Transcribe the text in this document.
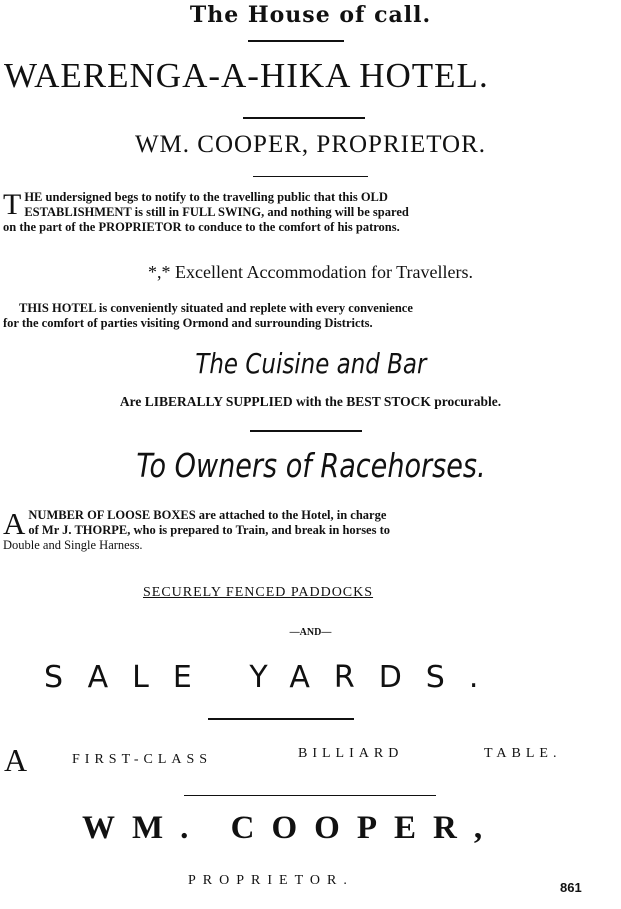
The House of call.
WAERENGA-A-HIKA HOTEL.
WM. COOPER, PROPRIETOR.
T HE undersigned begs to notify to the travelling public that this OLD
ESTABLISHMENT is still in FULL SWING, and nothing will be spared
on the part of the PROPRIETOR to conduce to the comfort of his patrons.
*,* Excellent Accommodation for Travellers.
THIS HOTEL is conveniently situated and replete with every convenience
for the comfort of parties visiting Ormond and surrounding Districts.
The Cuisine and Bar
Are LIBERALLY SUPPLIED with the BEST STOCK procurable.
To Owners of Racehorses.
A NUMBER OF LOOSE BOXES are attached to the Hotel, in charge
of Mr J. THORPE, who is prepared to Train, and break in horses to
Double and Single Harness.
SECURELY FENCED PADDOCKS
—AND—
SALE YARDS.
A	FIRST-CLASS	BILLIARD	TABLE.
WM. COOPER,
PROPRIETOR.	861
